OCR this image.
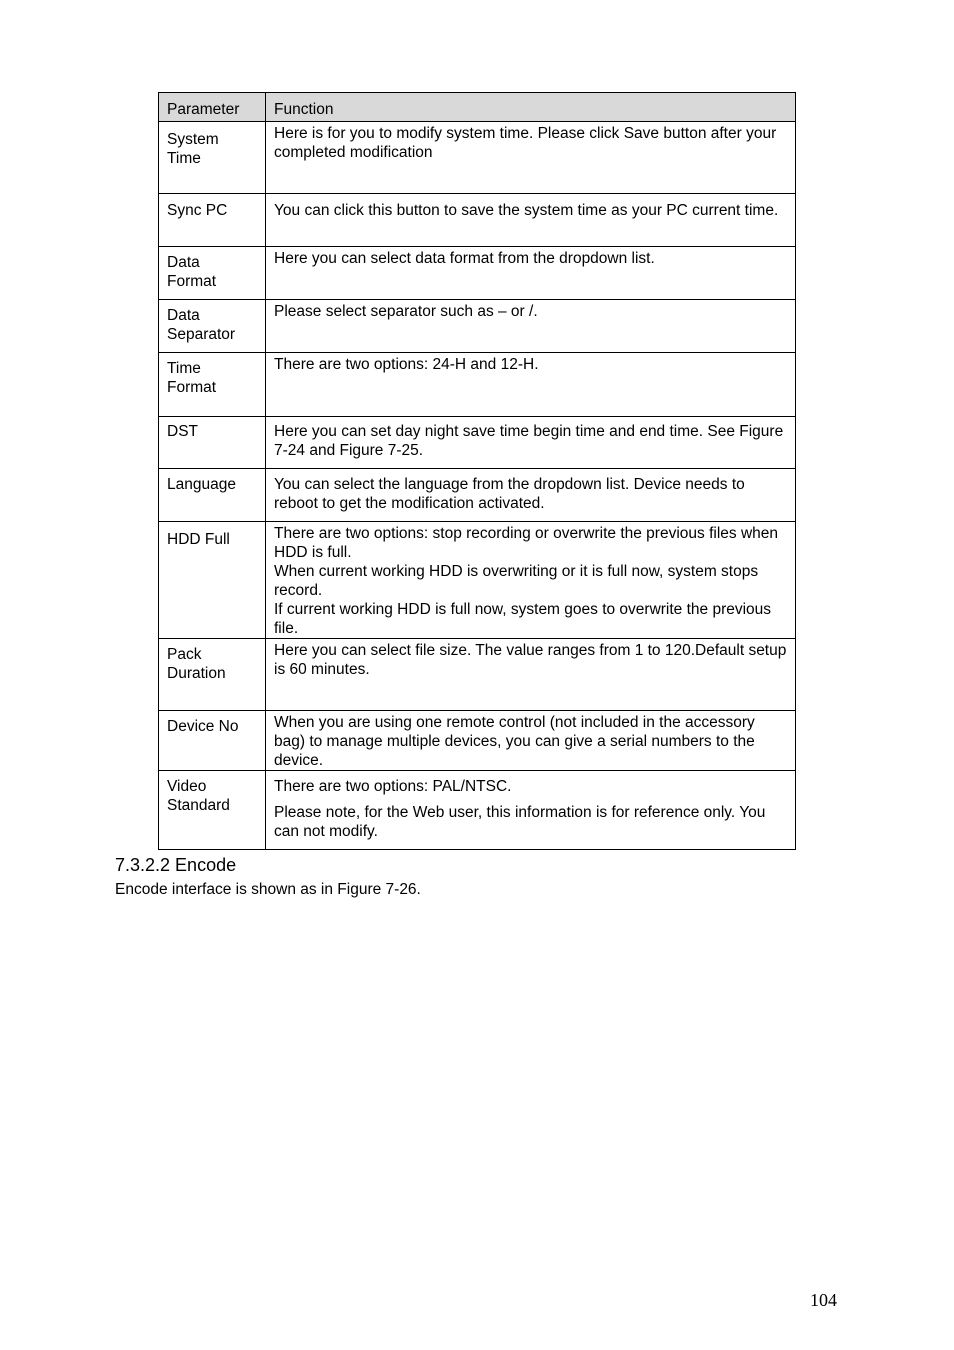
Parameter	Function

System
Time	Here is for you to modify system time. Please click Save button after your completed modification

Sync PC	You can click this button to save the system time as your PC current time.

Data
Format	Here you can select data format from the dropdown list.

Data
Separator	Please select separator such as – or /.

Time
Format	There are two options: 24-H and 12-H.

DST	Here you can set day night save time begin time and end time. See Figure 7-24 and Figure 7-25.

Language	You can select the language from the dropdown list. Device needs to reboot to get the modification activated.

HDD Full	There are two options: stop recording or overwrite the previous files when HDD is full.
When current working HDD is overwriting or it is full now, system stops record.
If current working HDD is full now, system goes to overwrite the previous file.

Pack
Duration	Here you can select file size. The value ranges from 1 to 120.Default setup is 60 minutes.

Device No	When you are using one remote control (not included in the accessory bag) to manage multiple devices, you can give a serial numbers to the device.

Video
Standard	There are two options: PAL/NTSC.
Please note, for the Web user, this information is for reference only. You can not modify.
7.3.2.2 Encode
Encode interface is shown as in Figure 7-26.
104
